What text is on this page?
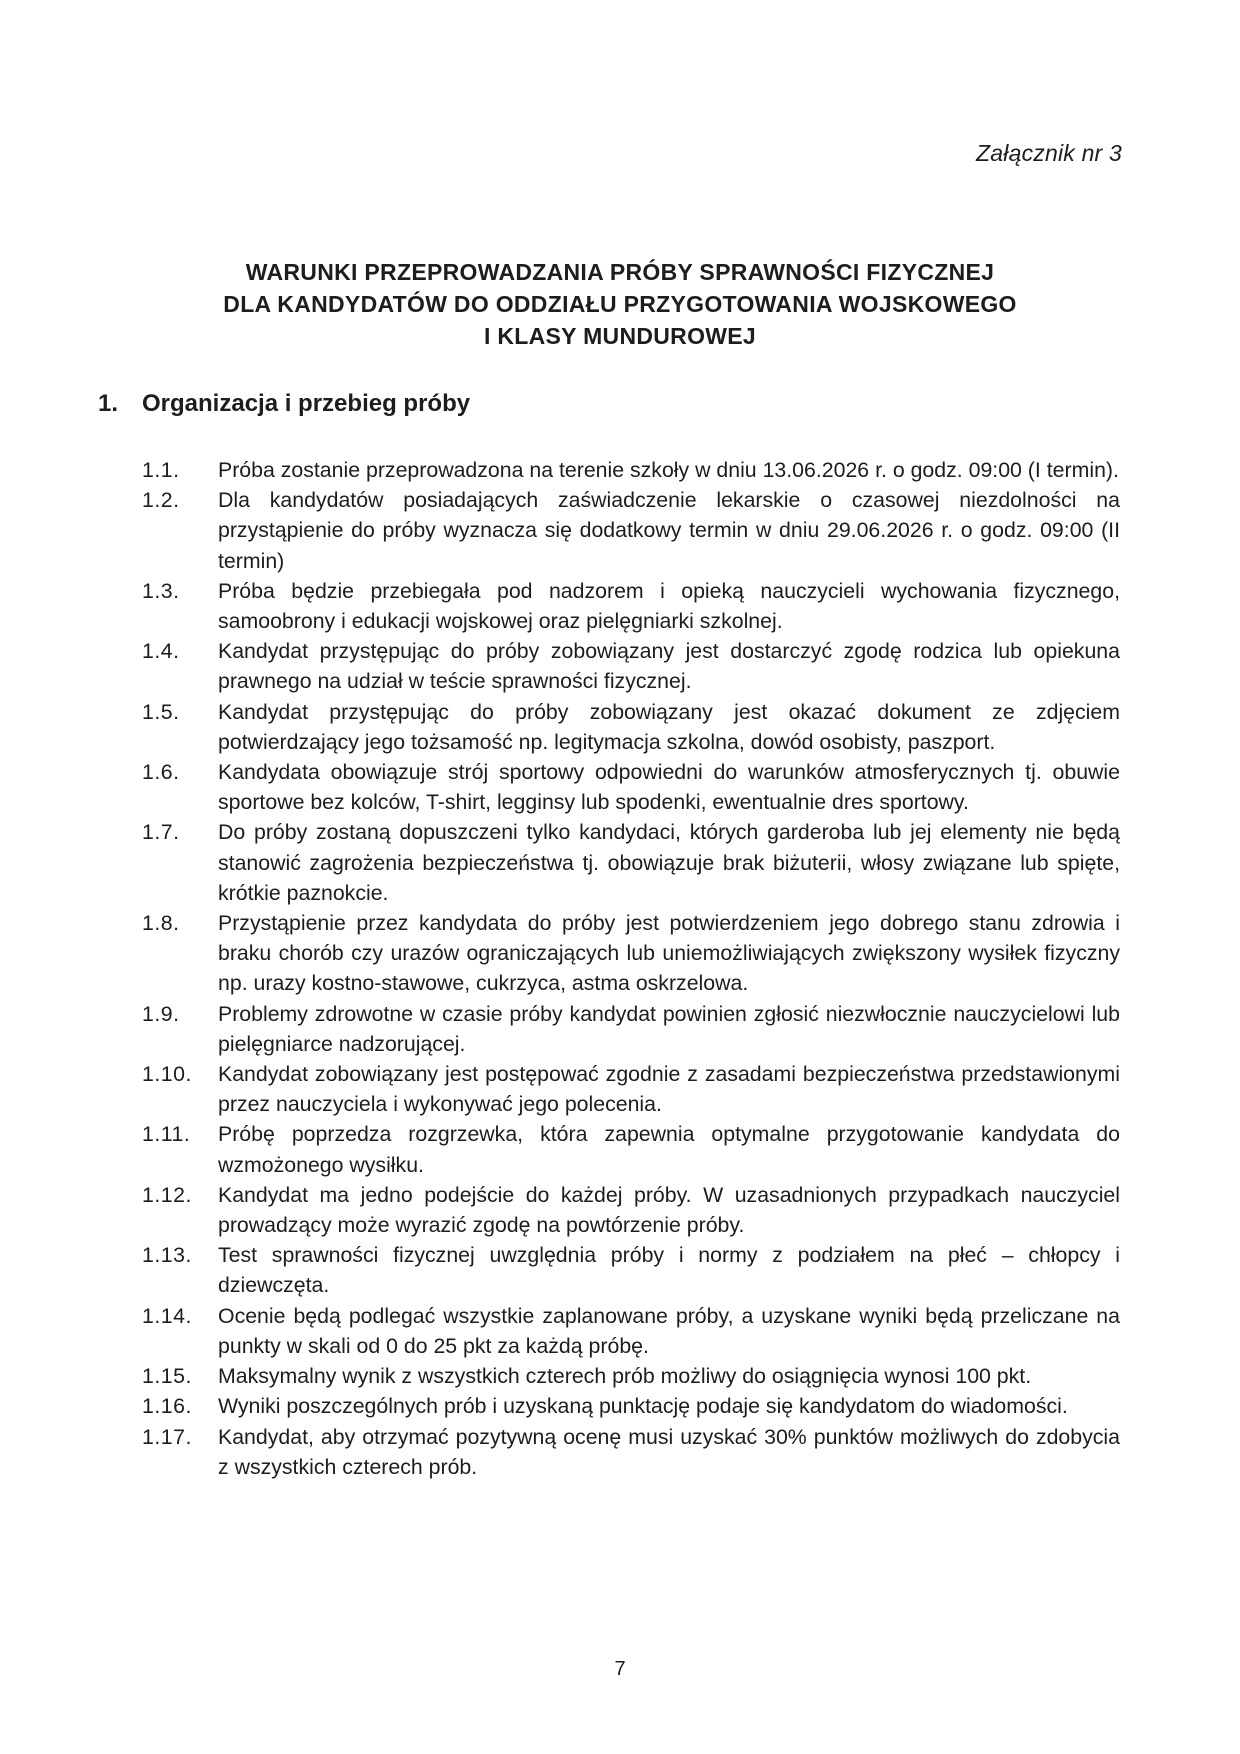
Załącznik nr 3
WARUNKI PRZEPROWADZANIA PRÓBY SPRAWNOŚCI FIZYCZNEJ
DLA KANDYDATÓW DO ODDZIAŁU PRZYGOTOWANIA WOJSKOWEGO
I KLASY MUNDUROWEJ
1. Organizacja i przebieg próby
1.1.	Próba zostanie przeprowadzona na terenie szkoły w dniu 13.06.2026 r. o godz. 09:00 (I termin).
1.2.	Dla kandydatów posiadających zaświadczenie lekarskie o czasowej niezdolności na przystąpienie do próby wyznacza się dodatkowy termin w dniu 29.06.2026 r. o godz. 09:00 (II termin)
1.3.	Próba będzie przebiegała pod nadzorem i opieką nauczycieli wychowania fizycznego, samoobrony i edukacji wojskowej oraz pielęgniarki szkolnej.
1.4.	Kandydat przystępując do próby zobowiązany jest dostarczyć zgodę rodzica lub opiekuna prawnego na udział w teście sprawności fizycznej.
1.5.	Kandydat przystępując do próby zobowiązany jest okazać dokument ze zdjęciem potwierdzający jego tożsamość np. legitymacja szkolna, dowód osobisty, paszport.
1.6.	Kandydata obowiązuje strój sportowy odpowiedni do warunków atmosferycznych tj. obuwie sportowe bez kolców, T-shirt, legginsy lub spodenki, ewentualnie dres sportowy.
1.7.	Do próby zostaną dopuszczeni tylko kandydaci, których garderoba lub jej elementy nie będą stanowić zagrożenia bezpieczeństwa tj. obowiązuje brak biżuterii, włosy związane lub spięte, krótkie paznokcie.
1.8.	Przystąpienie przez kandydata do próby jest potwierdzeniem jego dobrego stanu zdrowia i braku chorób czy urazów ograniczających lub uniemożliwiających zwiększony wysiłek fizyczny np. urazy kostno-stawowe, cukrzyca, astma oskrzelowa.
1.9.	Problemy zdrowotne w czasie próby kandydat powinien zgłosić niezwłocznie nauczycielowi lub pielęgniarce nadzorującej.
1.10.	Kandydat zobowiązany jest postępować zgodnie z zasadami bezpieczeństwa przedstawionymi przez nauczyciela i wykonywać jego polecenia.
1.11.	Próbę poprzedza rozgrzewka, która zapewnia optymalne przygotowanie kandydata do wzmożonego wysiłku.
1.12.	Kandydat ma jedno podejście do każdej próby. W uzasadnionych przypadkach nauczyciel prowadzący może wyrazić zgodę na powtórzenie próby.
1.13.	Test sprawności fizycznej uwzględnia próby i normy z podziałem na płeć – chłopcy i dziewczęta.
1.14.	Ocenie będą podlegać wszystkie zaplanowane próby, a uzyskane wyniki będą przeliczane na punkty w skali od 0 do 25 pkt za każdą próbę.
1.15.	Maksymalny wynik z wszystkich czterech prób możliwy do osiągnięcia wynosi 100 pkt.
1.16.	Wyniki poszczególnych prób i uzyskaną punktację podaje się kandydatom do wiadomości.
1.17.	Kandydat, aby otrzymać pozytywną ocenę musi uzyskać 30% punktów możliwych do zdobycia z wszystkich czterech prób.
7
